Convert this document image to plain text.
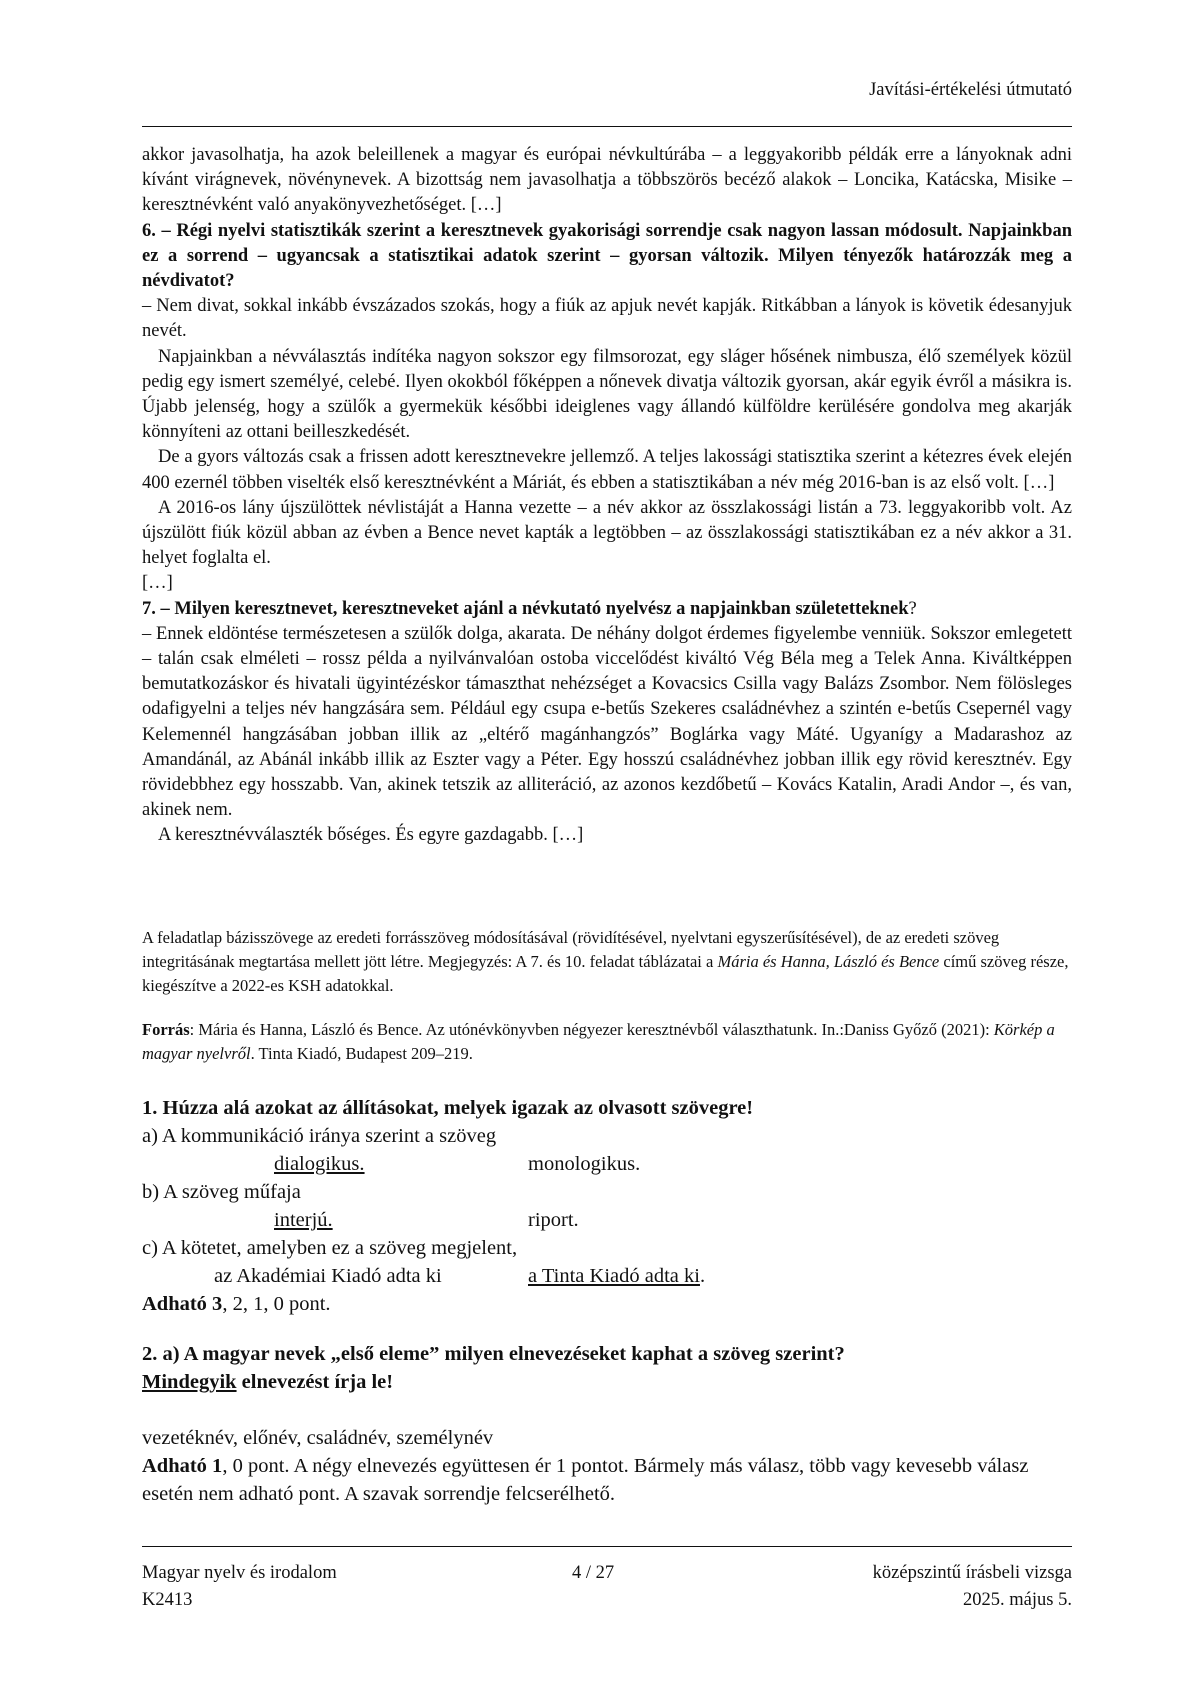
Javítási-értékelési útmutató

akkor javasolhatja, ha azok beleillenek a magyar és európai névkultúrába – a leggyakoribb példák erre a lányoknak adni kívánt virágnevek, növénynevek. A bizottság nem javasolhatja a többszörös becéző alakok – Loncika, Katácska, Misike – keresztnévként való anyakönyvezhetőséget. […]

6. – Régi nyelvi statisztikák szerint a keresztnevek gyakorisági sorrendje csak nagyon lassan módosult. Napjainkban ez a sorrend – ugyancsak a statisztikai adatok szerint – gyorsan változik. Milyen tényezők határozzák meg a névdivatot?

– Nem divat, sokkal inkább évszázados szokás, hogy a fiúk az apjuk nevét kapják. Ritkábban a lányok is követik édesanyjuk nevét.

Napjainkban a névválasztás indítéka nagyon sokszor egy filmsorozat, egy sláger hősének nimbusza, élő személyek közül pedig egy ismert személyé, celebé. Ilyen okokból főképpen a nőnevek divatja változik gyorsan, akár egyik évről a másikra is. Újabb jelenség, hogy a szülők a gyermekük későbbi ideiglenes vagy állandó külföldre kerülésére gondolva meg akarják könnyíteni az ottani beilleszkedését.

De a gyors változás csak a frissen adott keresztnevekre jellemző. A teljes lakossági statisztika szerint a kétezres évek elején 400 ezernél többen viselték első keresztnévként a Máriát, és ebben a statisztikában a név még 2016-ban is az első volt. […]

A 2016-os lány újszülöttek névlistáját a Hanna vezette – a név akkor az összlakossági listán a 73. leggyakoribb volt. Az újszülött fiúk közül abban az évben a Bence nevet kapták a legtöbben – az összlakossági statisztikában ez a név akkor a 31. helyet foglalta el.

[…]

7. – Milyen keresztnevet, keresztneveket ajánl a névkutató nyelvész a napjainkban születetteknek?

– Ennek eldöntése természetesen a szülők dolga, akarata. De néhány dolgot érdemes figyelembe venniük. Sokszor emlegetett – talán csak elméleti – rossz példa a nyilvánvalóan ostoba viccelődést kiváltó Vég Béla meg a Telek Anna. Kiváltképpen bemutatkozáskor és hivatali ügyintézéskor támaszthat nehézséget a Kovacsics Csilla vagy Balázs Zsombor. Nem fölösleges odafigyelni a teljes név hangzására sem. Például egy csupa e-betűs Szekeres családnévhez a szintén e-betűs Csepernél vagy Kelemennél hangzásában jobban illik az „eltérő magánhangzós” Boglárka vagy Máté. Ugyanígy a Madarashoz az Amandánál, az Abánál inkább illik az Eszter vagy a Péter. Egy hosszú családnévhez jobban illik egy rövid keresztnév. Egy rövidebbhez egy hosszabb. Van, akinek tetszik az alliteráció, az azonos kezdőbetű – Kovács Katalin, Aradi Andor –, és van, akinek nem.

A keresztnévválaszték bőséges. És egyre gazdagabb. […]

A feladatlap bázisszövege az eredeti forrásszöveg módosításával (rövidítésével, nyelvtani egyszerűsítésével), de az eredeti szöveg integritásának megtartása mellett jött létre. Megjegyzés: A 7. és 10. feladat táblázatai a Mária és Hanna, László és Bence című szöveg része, kiegészítve a 2022-es KSH adatokkal.

Forrás: Mária és Hanna, László és Bence. Az utónévkönyvben négyezer keresztnévből választhatunk. In.:Daniss Győző (2021): Körkép a magyar nyelvről. Tinta Kiadó, Budapest 209–219.

1. Húzza alá azokat az állításokat, melyek igazak az olvasott szövegre!

a) A kommunikáció iránya szerint a szöveg
dialogikus.	monologikus.
b) A szöveg műfaja
interjú.	riport.
c) A kötetet, amelyben ez a szöveg megjelent,
az Akadémiai Kiadó adta ki	a Tinta Kiadó adta ki.
Adható 3, 2, 1, 0 pont.

2. a) A magyar nevek „első eleme” milyen elnevezéseket kaphat a szöveg szerint?

Mindegyik elnevezést írja le!

vezetéknév, előnév, családnév, személynév

Adható 1, 0 pont. A négy elnevezés együttesen ér 1 pontot. Bármely más válasz, több vagy kevesebb válasz esetén nem adható pont. A szavak sorrendje felcserélhető.

Magyar nyelv és irodalom
K2413
4 / 27	középszintű írásbeli vizsga
2025. május 5.
